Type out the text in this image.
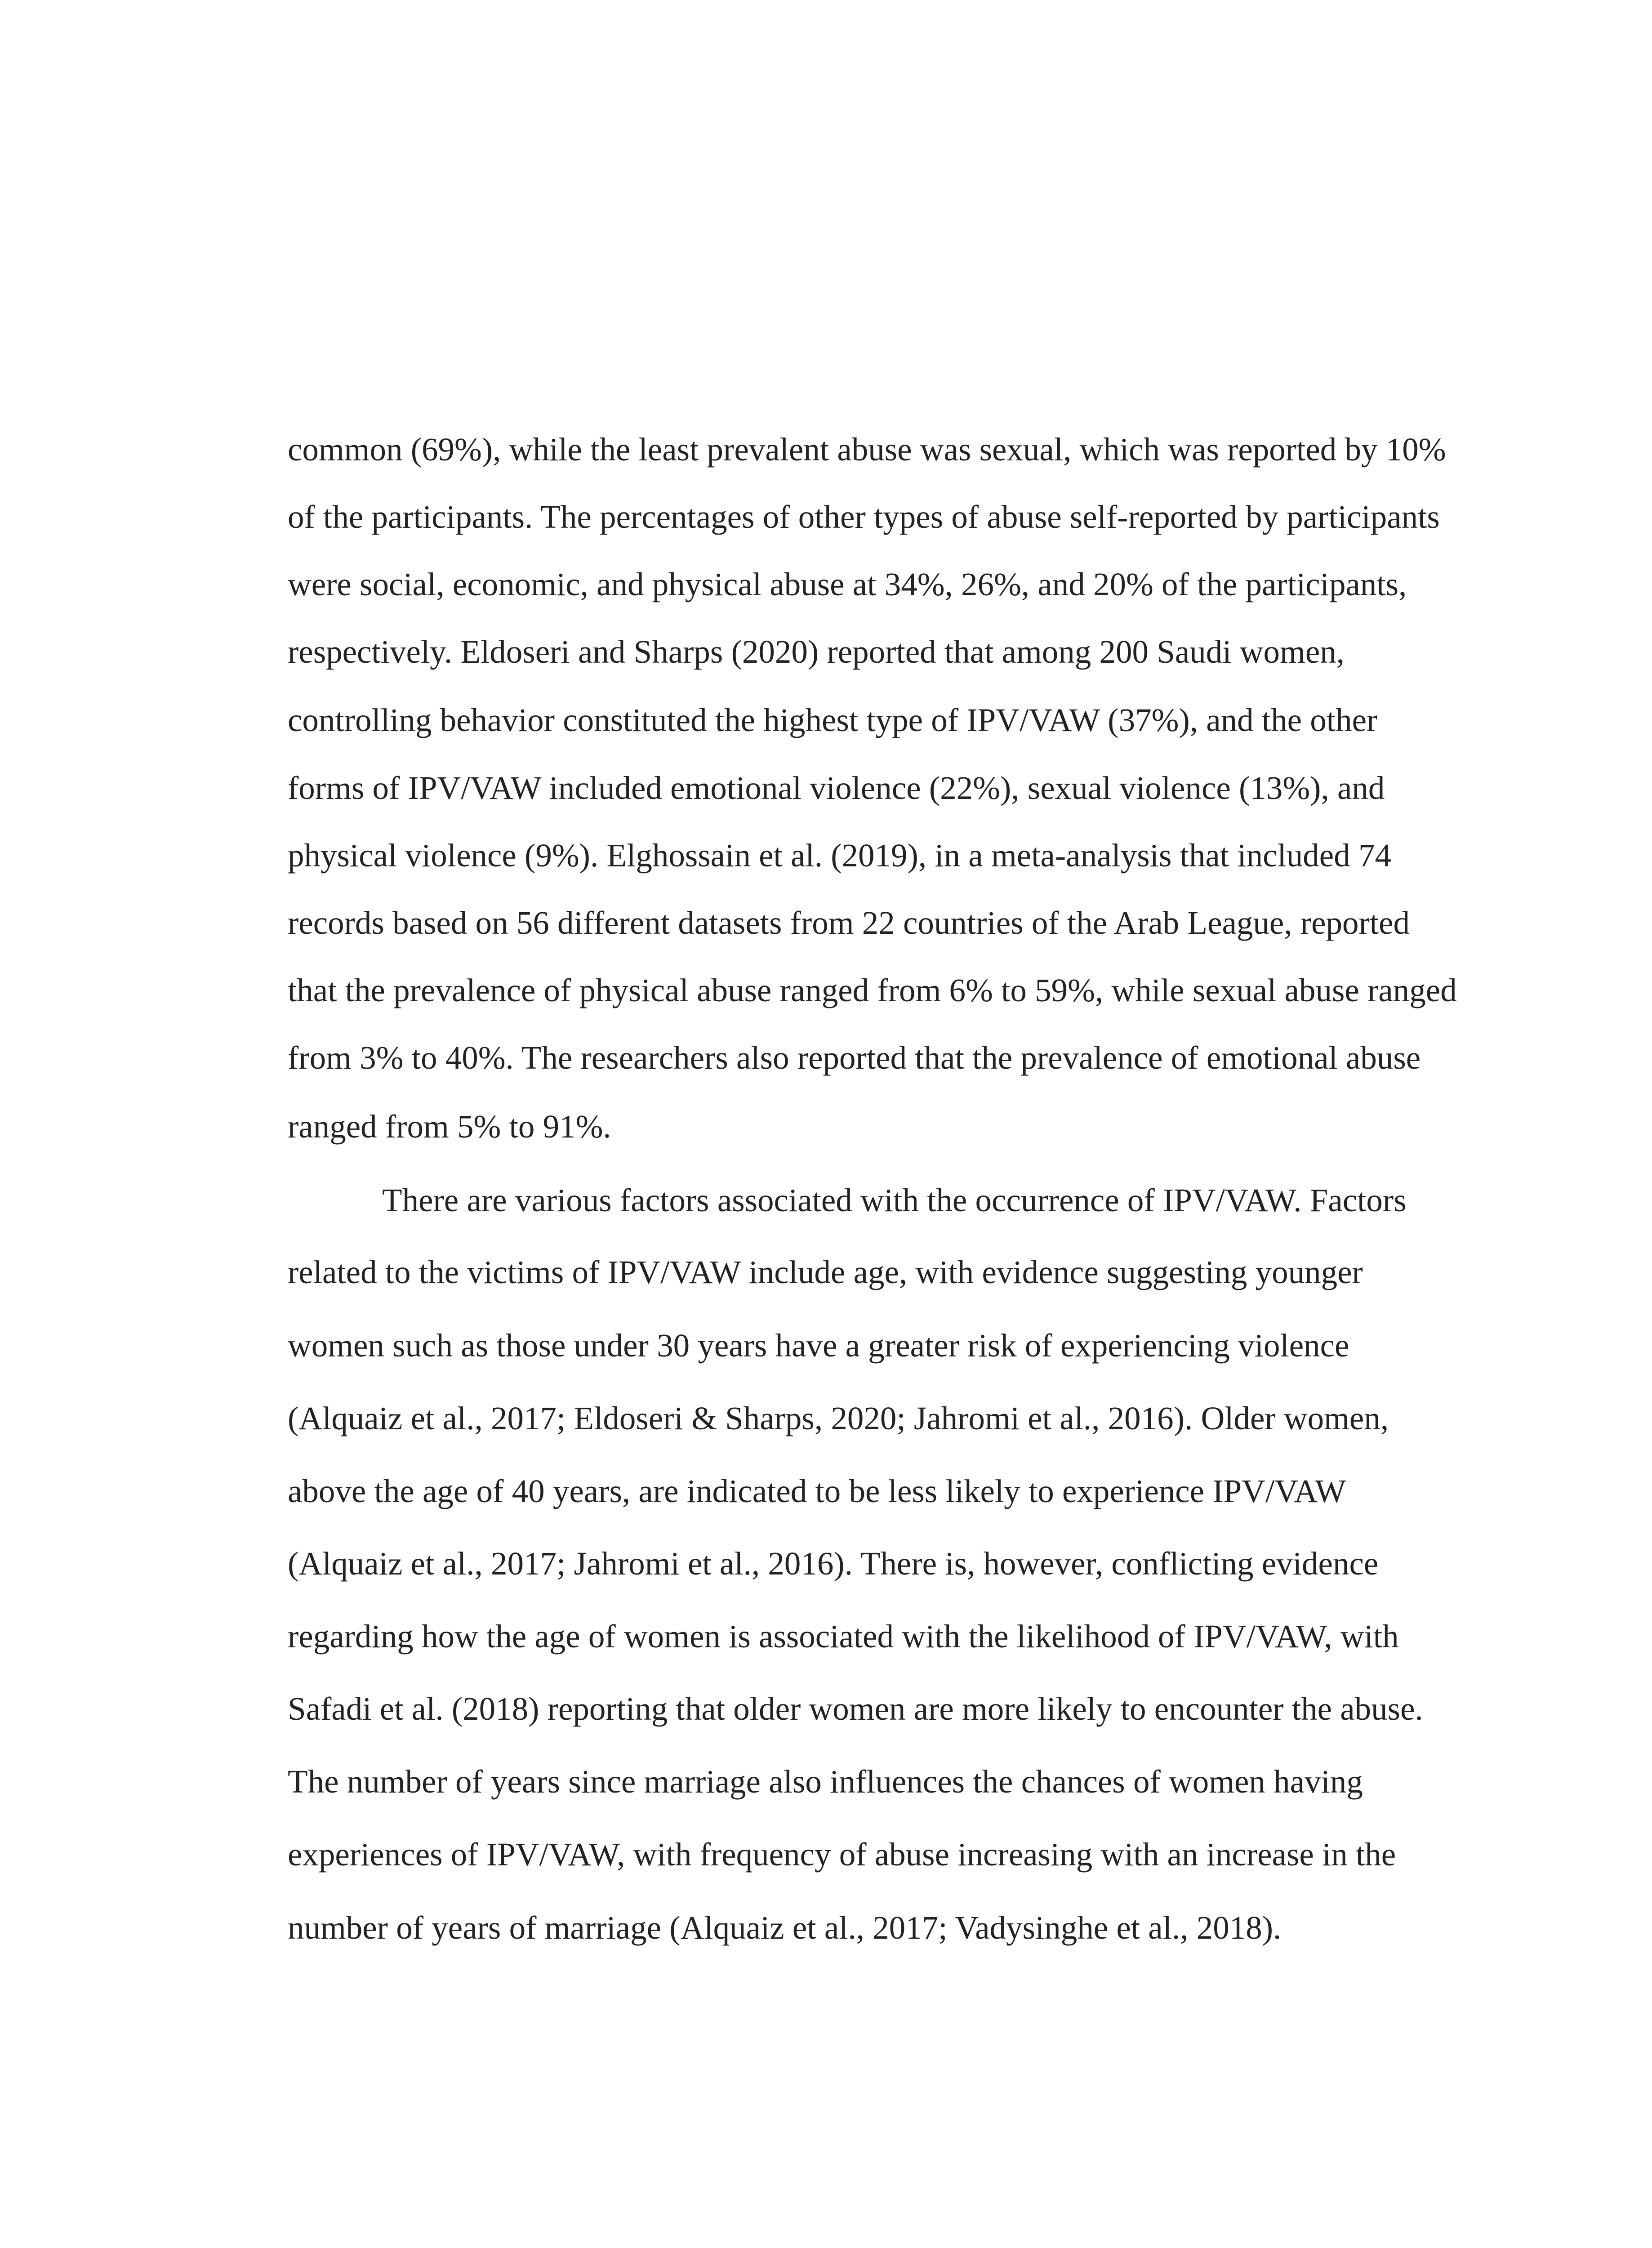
common (69%), while the least prevalent abuse was sexual, which was reported by 10%
of the participants. The percentages of other types of abuse self-reported by participants
were social, economic, and physical abuse at 34%, 26%, and 20% of the participants,
respectively. Eldoseri and Sharps (2020) reported that among 200 Saudi women,
controlling behavior constituted the highest type of IPV/VAW (37%), and the other
forms of IPV/VAW included emotional violence (22%), sexual violence (13%), and
physical violence (9%). Elghossain et al. (2019), in a meta-analysis that included 74
records based on 56 different datasets from 22 countries of the Arab League, reported
that the prevalence of physical abuse ranged from 6% to 59%, while sexual abuse ranged
from 3% to 40%. The researchers also reported that the prevalence of emotional abuse
ranged from 5% to 91%.
There are various factors associated with the occurrence of IPV/VAW. Factors
related to the victims of IPV/VAW include age, with evidence suggesting younger
women such as those under 30 years have a greater risk of experiencing violence
(Alquaiz et al., 2017; Eldoseri & Sharps, 2020; Jahromi et al., 2016). Older women,
above the age of 40 years, are indicated to be less likely to experience IPV/VAW
(Alquaiz et al., 2017; Jahromi et al., 2016). There is, however, conflicting evidence
regarding how the age of women is associated with the likelihood of IPV/VAW, with
Safadi et al. (2018) reporting that older women are more likely to encounter the abuse.
The number of years since marriage also influences the chances of women having
experiences of IPV/VAW, with frequency of abuse increasing with an increase in the
number of years of marriage (Alquaiz et al., 2017; Vadysinghe et al., 2018).
